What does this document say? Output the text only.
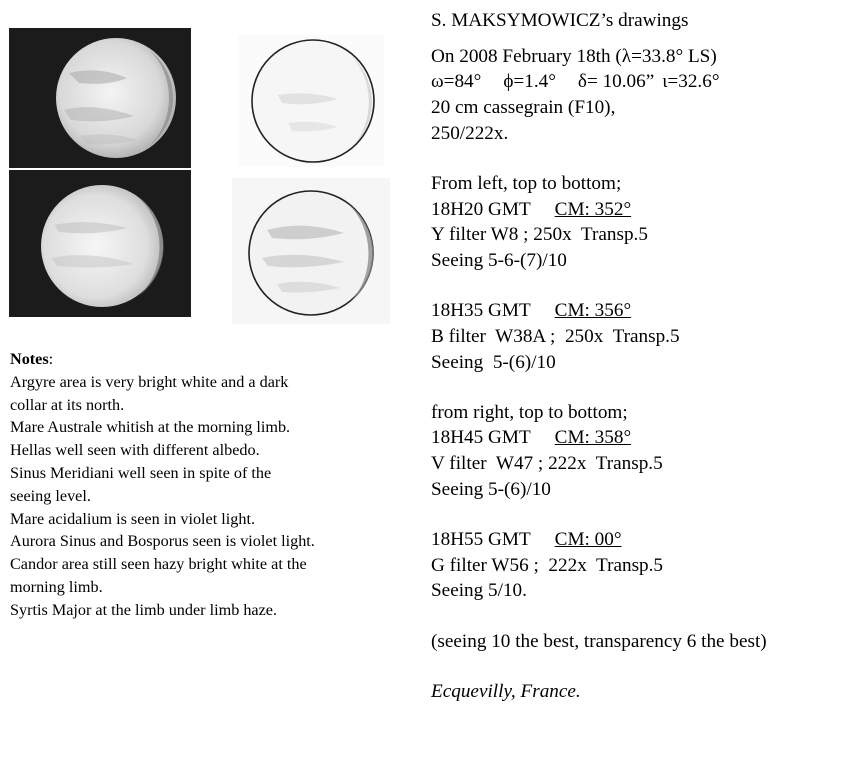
Notes:
Argyre area is very bright white and a dark
collar at its north.
Mare Australe whitish at the morning limb.
Hellas well seen with different albedo.
Sinus Meridiani well seen in spite of the
seeing level.
Mare acidalium is seen in violet light.
Aurora Sinus and Bosporus seen is violet light.
Candor area still seen hazy bright white at the
morning limb.
Syrtis Major at the limb under limb haze.
S. MAKSYMOWICZ’s drawings
On 2008 February 18th (λ=33.8° LS)
ω=84° ϕ=1.4° δ= 10.06” ι=32.6°
20 cm cassegrain (F10),
250/222x.
From left, top to bottom;
18H20 GMT CM: 352°
Y filter W8 ; 250x  Transp.5
Seeing 5-6-(7)/10
18H35 GMT CM: 356°
B filter  W38A ;  250x  Transp.5
Seeing  5-(6)/10
from right, top to bottom;
18H45 GMT CM: 358°
V filter  W47 ; 222x  Transp.5
Seeing 5-(6)/10
18H55 GMT CM: 00°
G filter W56 ;  222x  Transp.5
Seeing 5/10.
(seeing 10 the best, transparency 6 the best)
Ecquevilly, France.
